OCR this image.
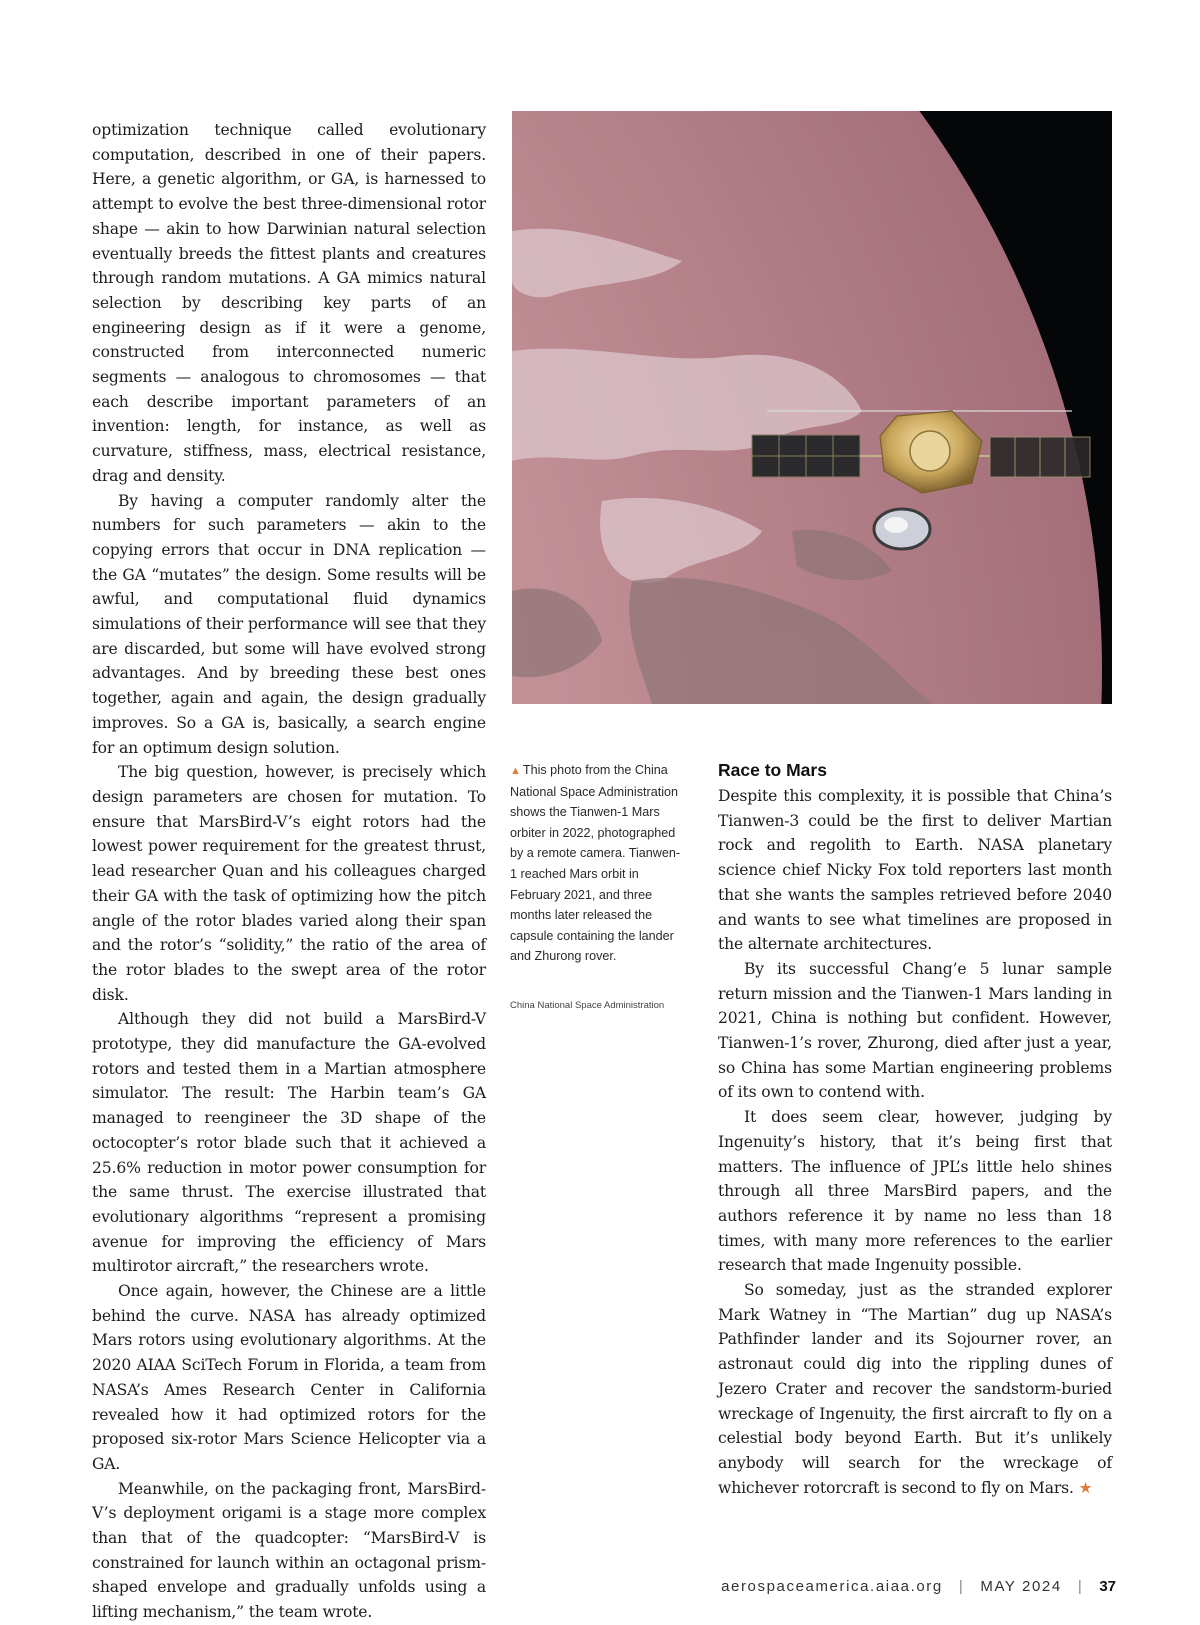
optimization technique called evolutionary computation, described in one of their papers. Here, a genetic algorithm, or GA, is harnessed to attempt to evolve the best three-dimensional rotor shape — akin to how Darwinian natural selection eventually breeds the fittest plants and creatures through random mutations. A GA mimics natural selection by describing key parts of an engineering design as if it were a genome, constructed from interconnected numeric segments — analogous to chromosomes — that each describe important parameters of an invention: length, for instance, as well as curvature, stiffness, mass, electrical resistance, drag and density.

By having a computer randomly alter the numbers for such parameters — akin to the copying errors that occur in DNA replication — the GA “mutates” the design. Some results will be awful, and computational fluid dynamics simulations of their performance will see that they are discarded, but some will have evolved strong advantages. And by breeding these best ones together, again and again, the design gradually improves. So a GA is, basically, a search engine for an optimum design solution.

The big question, however, is precisely which design parameters are chosen for mutation. To ensure that MarsBird-V’s eight rotors had the lowest power requirement for the greatest thrust, lead researcher Quan and his colleagues charged their GA with the task of optimizing how the pitch angle of the rotor blades varied along their span and the rotor’s “solidity,” the ratio of the area of the rotor blades to the swept area of the rotor disk.

Although they did not build a MarsBird-V prototype, they did manufacture the GA-evolved rotors and tested them in a Martian atmosphere simulator. The result: The Harbin team’s GA managed to reengineer the 3D shape of the octocopter’s rotor blade such that it achieved a 25.6% reduction in motor power consumption for the same thrust. The exercise illustrated that evolutionary algorithms “represent a promising avenue for improving the efficiency of Mars multirotor aircraft,” the researchers wrote.

Once again, however, the Chinese are a little behind the curve. NASA has already optimized Mars rotors using evolutionary algorithms. At the 2020 AIAA SciTech Forum in Florida, a team from NASA’s Ames Research Center in California revealed how it had optimized rotors for the proposed six-rotor Mars Science Helicopter via a GA.

Meanwhile, on the packaging front, MarsBird-V’s deployment origami is a stage more complex than that of the quadcopter: “MarsBird-V is constrained for launch within an octagonal prism-shaped envelope and gradually unfolds using a lifting mechanism,” the team wrote.

▲ This photo from the China National Space Administration shows the Tianwen-1 Mars orbiter in 2022, photographed by a remote camera. Tianwen-1 reached Mars orbit in February 2021, and three months later released the capsule containing the lander and Zhurong rover.
China National Space Administration
Race to Mars

Despite this complexity, it is possible that China’s Tianwen-3 could be the first to deliver Martian rock and regolith to Earth. NASA planetary science chief Nicky Fox told reporters last month that she wants the samples retrieved before 2040 and wants to see what timelines are proposed in the alternate architectures.

By its successful Chang’e 5 lunar sample return mission and the Tianwen-1 Mars landing in 2021, China is nothing but confident. However, Tianwen-1’s rover, Zhurong, died after just a year, so China has some Martian engineering problems of its own to contend with.

It does seem clear, however, judging by Ingenuity’s history, that it’s being first that matters. The influence of JPL’s little helo shines through all three MarsBird papers, and the authors reference it by name no less than 18 times, with many more references to the earlier research that made Ingenuity possible.

So someday, just as the stranded explorer Mark Watney in “The Martian” dug up NASA’s Pathfinder lander and its Sojourner rover, an astronaut could dig into the rippling dunes of Jezero Crater and recover the sandstorm-buried wreckage of Ingenuity, the first aircraft to fly on a celestial body beyond Earth. But it’s unlikely anybody will search for the wreckage of whichever rotorcraft is second to fly on Mars. ★

aerospaceamerica.aiaa.org | MAY 2024 | 37
